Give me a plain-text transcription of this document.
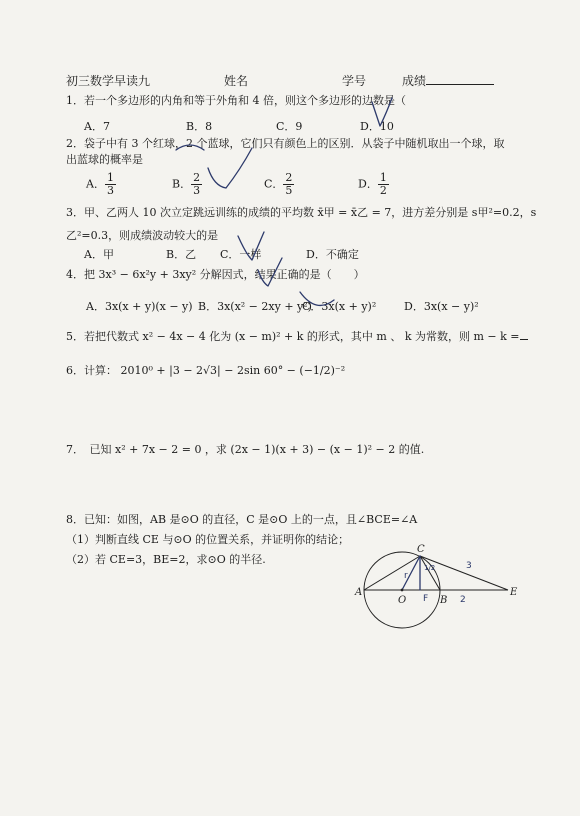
初三数学早读九	姓名	学号	成绩
1．若一个多边形的内角和等于外角和 4 倍，则这个多边形的边数是（
A．7	B．8	C．9	D．10
2．袋子中有 3 个红球，2 个蓝球，它们只有颜色上的区别．从袋子中随机取出一个球，取
出蓝球的概率是
A． $\frac{1}{3}$	B． $\frac{2}{3}$	C． $\frac{2}{5}$	D． $\frac{1}{2}$
3．甲、乙两人 10 次立定跳远训练的成绩的平均数 x̄甲 = x̄乙 = 7，进方差分别是 s甲²=0.2，s
乙²=0.3，则成绩波动较大的是
A．甲	B．乙 C．一样	D．不确定
4．把 3x³ − 6x²y + 3xy² 分解因式，结果正确的是（　　）
A．3x(x + y)(x − y) B．3x(x² − 2xy + y²)
C．3x(x + y)²	D．3x(x − y)²
5．若把代数式 x² − 4x − 4 化为 (x − m)² + k 的形式，其中 m 、 k 为常数，则 m − k =
6．计算： 2010⁰ + |3 − 2√3| − 2sin 60° − (−1/2)⁻²
7．　已知 x² + 7x − 2 = 0 ，求 (2x − 1)(x + 3) − (x − 1)² − 2 的值.
8．已知：如图，AB 是⊙O 的直径，C 是⊙O 上的一点，且∠BCE=∠A
（1）判断直线 CE 与⊙O 的位置关系，并证明你的结论；
（2）若 CE=3，BE=2，求⊙O 的半径.
A
O	B
C
E
F
3
2
r
1/2
